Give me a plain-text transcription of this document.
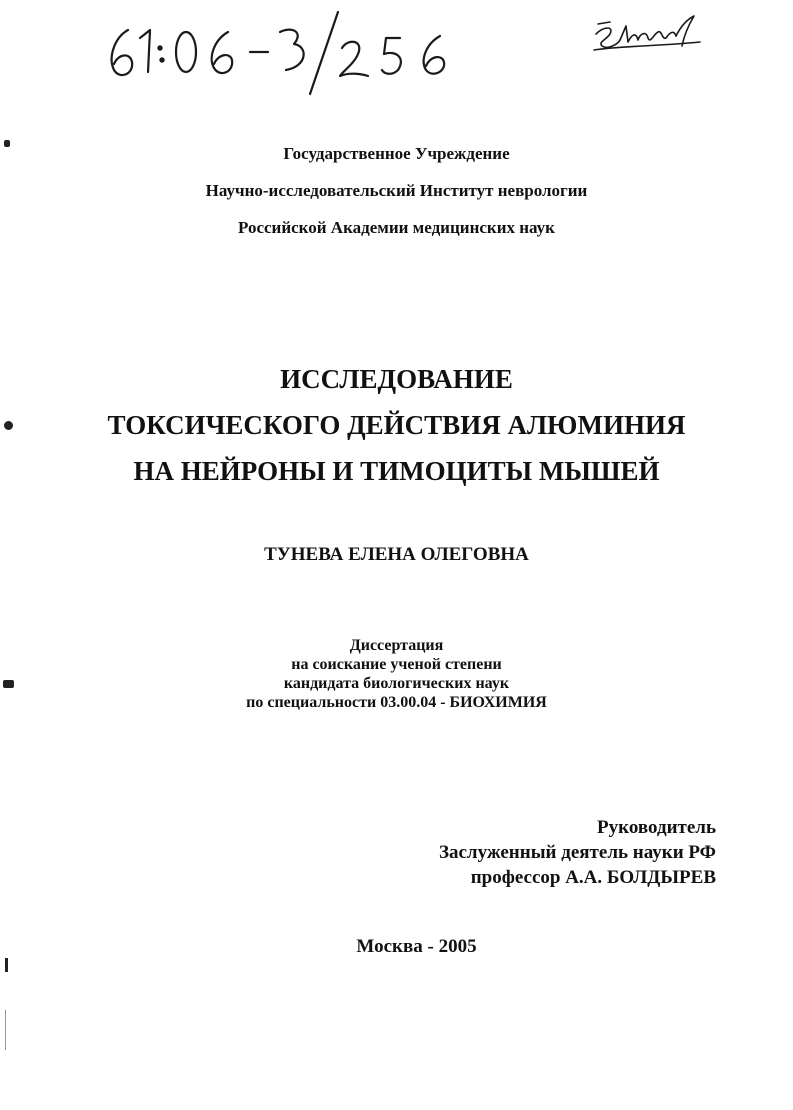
Государственное Учреждение
Научно-исследовательский Институт неврологии
Российской Академии медицинских наук
ИССЛЕДОВАНИЕ
ТОКСИЧЕСКОГО ДЕЙСТВИЯ АЛЮМИНИЯ
НА НЕЙРОНЫ И ТИМОЦИТЫ МЫШЕЙ
ТУНЕВА ЕЛЕНА ОЛЕГОВНА
Диссертация
на соискание ученой степени
кандидата биологических наук
по специальности 03.00.04 - БИОХИМИЯ
Руководитель
Заслуженный деятель науки РФ
профессор А.А. БОЛДЫРЕВ
Москва - 2005
